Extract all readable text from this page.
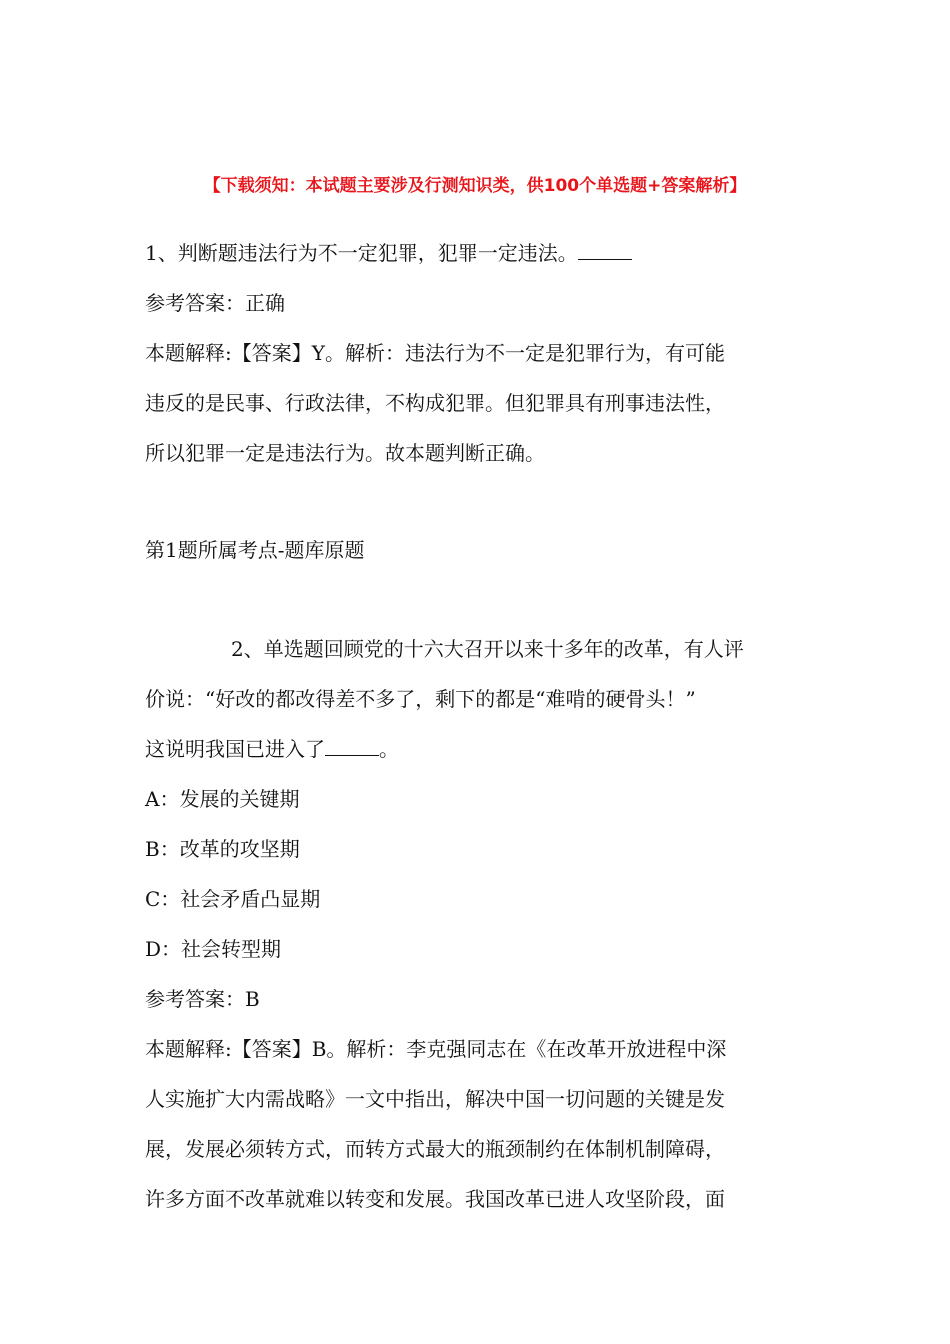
【下载须知：本试题主要涉及行测知识类，供100个单选题+答案解析】

1、判断题违法行为不一定犯罪，犯罪一定违法。

参考答案：正确

本题解释:【答案】Y。解析：违法行为不一定是犯罪行为，有可能

违反的是民事、行政法律，不构成犯罪。但犯罪具有刑事违法性，

所以犯罪一定是违法行为。故本题判断正确。

第1题所属考点-题库原题

2、单选题回顾党的十六大召开以来十多年的改革，有人评

价说：“好改的都改得差不多了，剩下的都是“难啃的硬骨头！”

这说明我国已进入了	。

A：发展的关键期

B：改革的攻坚期

C：社会矛盾凸显期

D：社会转型期

参考答案：B

本题解释:【答案】B。解析：李克强同志在《在改革开放进程中深

人实施扩大内需战略》一文中指出，解决中国一切问题的关键是发

展，发展必须转方式，而转方式最大的瓶颈制约在体制机制障碍，

许多方面不改革就难以转变和发展。我国改革已进人攻坚阶段，面
